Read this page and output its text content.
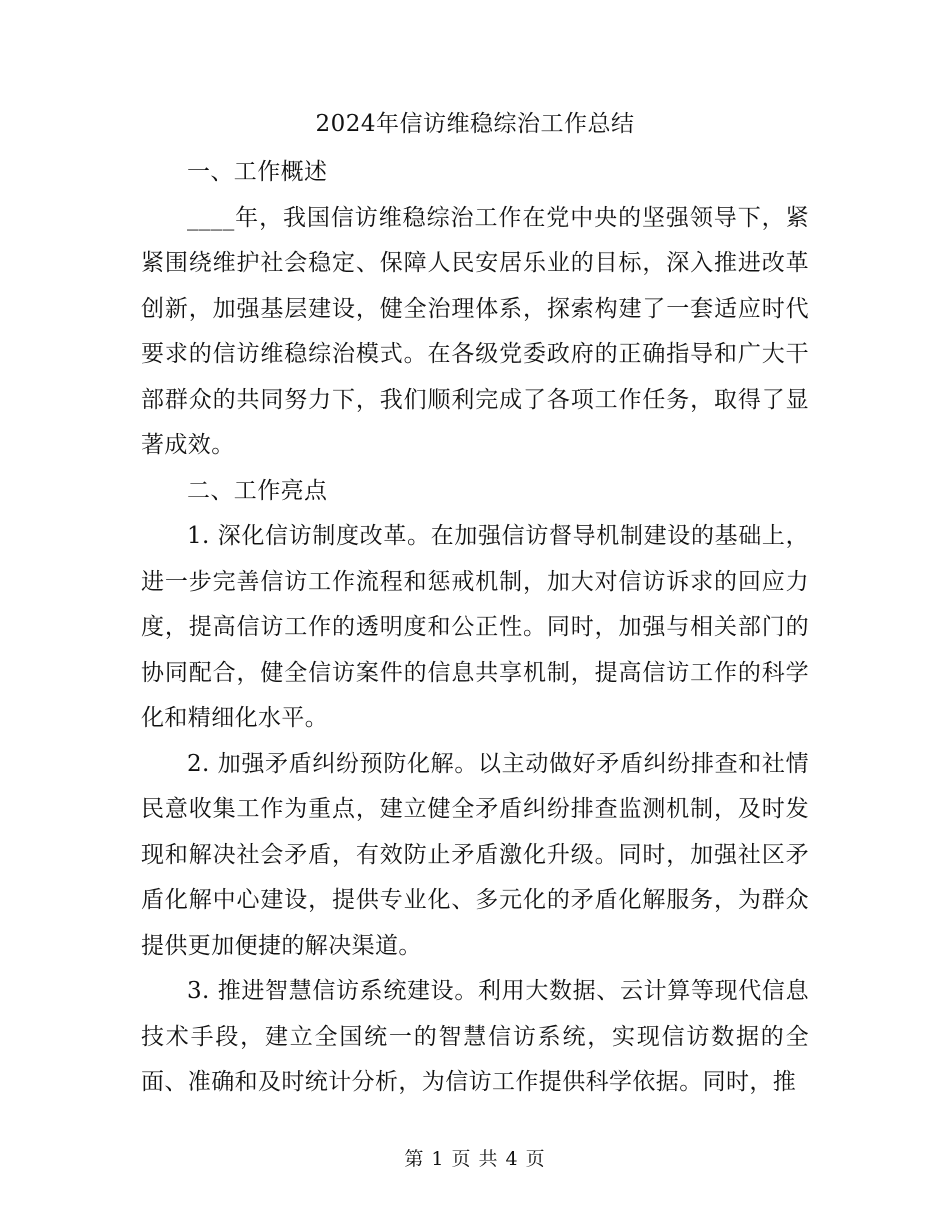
2024年信访维稳综治工作总结

一、工作概述

____年，我国信访维稳综治工作在党中央的坚强领导下，紧紧围绕维护社会稳定、保障人民安居乐业的目标，深入推进改革创新，加强基层建设，健全治理体系，探索构建了一套适应时代要求的信访维稳综治模式。在各级党委政府的正确指导和广大干部群众的共同努力下，我们顺利完成了各项工作任务，取得了显著成效。

二、工作亮点

1. 深化信访制度改革。在加强信访督导机制建设的基础上，进一步完善信访工作流程和惩戒机制，加大对信访诉求的回应力度，提高信访工作的透明度和公正性。同时，加强与相关部门的协同配合，健全信访案件的信息共享机制，提高信访工作的科学化和精细化水平。

2. 加强矛盾纠纷预防化解。以主动做好矛盾纠纷排查和社情民意收集工作为重点，建立健全矛盾纠纷排查监测机制，及时发现和解决社会矛盾，有效防止矛盾激化升级。同时，加强社区矛盾化解中心建设，提供专业化、多元化的矛盾化解服务，为群众提供更加便捷的解决渠道。

3. 推进智慧信访系统建设。利用大数据、云计算等现代信息技术手段，建立全国统一的智慧信访系统，实现信访数据的全面、准确和及时统计分析，为信访工作提供科学依据。同时，推

第 1 页 共 4 页
